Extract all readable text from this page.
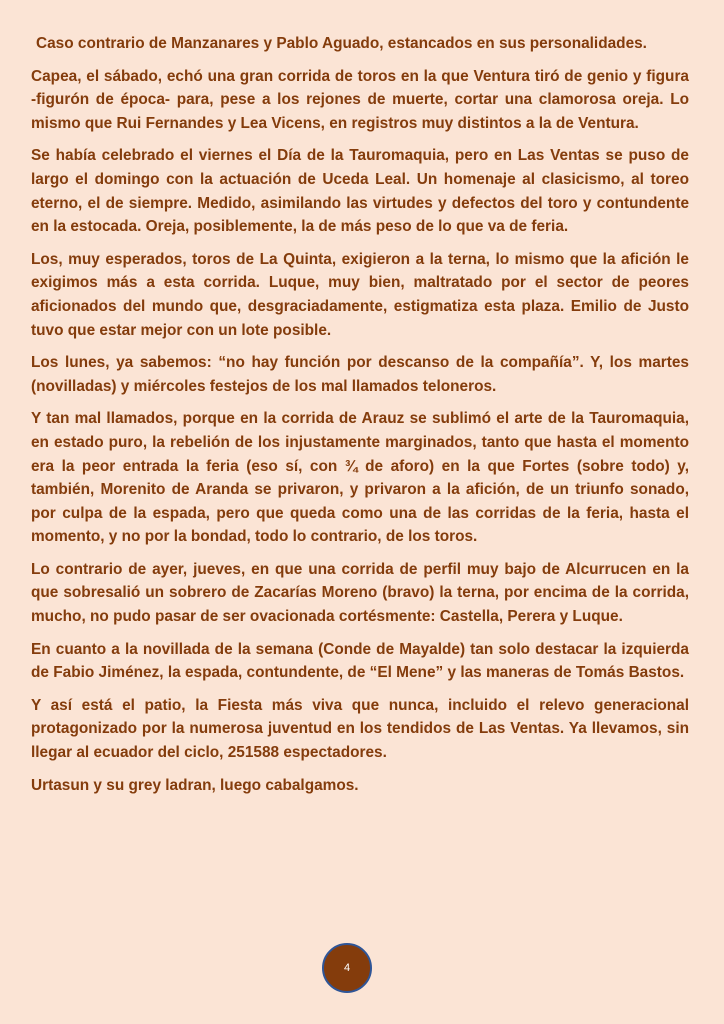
Caso contrario de Manzanares y Pablo Aguado, estancados en sus personalidades.

Capea, el sábado, echó una gran corrida de toros en la que Ventura tiró de genio y figura -figurón de época- para, pese a los rejones de muerte, cortar una clamorosa oreja. Lo mismo que Rui Fernandes y Lea Vicens, en registros muy distintos a la de Ventura.

Se había celebrado el viernes el Día de la Tauromaquia, pero en Las Ventas se puso de largo el domingo con la actuación de Uceda Leal. Un homenaje al clasicismo, al toreo eterno, el de siempre. Medido, asimilando las virtudes y defectos del toro y contundente en la estocada. Oreja, posiblemente, la de más peso de lo que va de feria.

Los, muy esperados, toros de La Quinta, exigieron a la terna, lo mismo que la afición le exigimos más a esta corrida. Luque, muy bien, maltratado por el sector de peores aficionados del mundo que, desgraciadamente, estigmatiza esta plaza. Emilio de Justo tuvo que estar mejor con un lote posible.

Los lunes, ya sabemos: “no hay función por descanso de la compañía”. Y, los martes (novilladas) y miércoles festejos de los mal llamados teloneros.

Y tan mal llamados, porque en la corrida de Arauz se sublimó el arte de la Tauromaquia, en estado puro, la rebelión de los injustamente marginados, tanto que hasta el momento era la peor entrada la feria (eso sí, con ¾ de aforo) en la que Fortes (sobre todo) y, también, Morenito de Aranda se privaron, y privaron a la afición, de un triunfo sonado, por culpa de la espada, pero que queda como una de las corridas de la feria, hasta el momento, y no por la bondad, todo lo contrario, de los toros.

Lo contrario de ayer, jueves, en que una corrida de perfil muy bajo de Alcurrucen en la que sobresalió un sobrero de Zacarías Moreno (bravo) la terna, por encima de la corrida, mucho, no pudo pasar de ser ovacionada cortésmente: Castella, Perera y Luque.

En cuanto a la novillada de la semana (Conde de Mayalde) tan solo destacar la izquierda de Fabio Jiménez, la espada, contundente, de “El Mene” y las maneras de Tomás Bastos.

Y así está el patio, la Fiesta más viva que nunca, incluido el relevo generacional protagonizado por la numerosa juventud en los tendidos de Las Ventas. Ya llevamos, sin llegar al ecuador del ciclo, 251588 espectadores.

Urtasun y su grey ladran, luego cabalgamos.

4
